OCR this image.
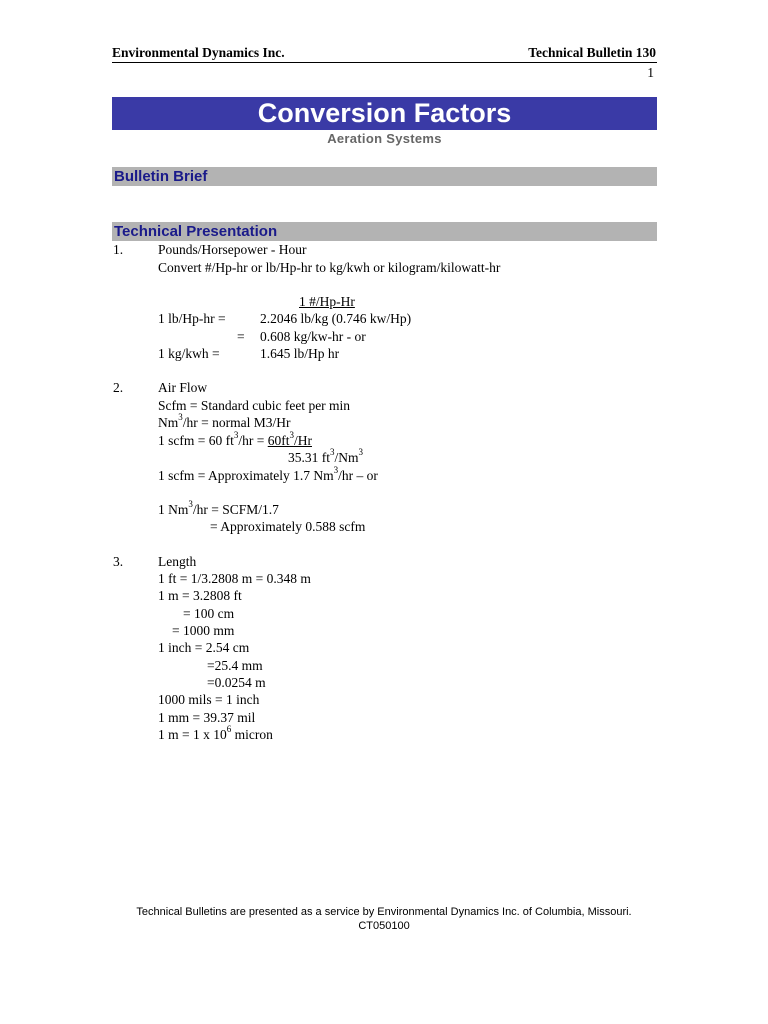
Environmental Dynamics Inc.	Technical Bulletin 130
1
Conversion Factors
Aeration Systems
Bulletin Brief
Technical Presentation
1.	Pounds/Horsepower - Hour
Convert #/Hp-hr or lb/Hp-hr to kg/kwh or kilogram/kilowatt-hr
1 #/Hp-Hr
1 lb/Hp-hr =	2.2046 lb/kg (0.746 kw/Hp)
= 0.608 kg/kw-hr - or
1 kg/kwh =	1.645 lb/Hp hr
2.	Air Flow
Scfm = Standard cubic feet per min
$Nm^3/hr$ = normal M3/Hr
1 scfm = 60 $ft^3/hr = 60ft^3/Hr$
35.31 $ft^3/Nm^3$
1 scfm = Approximately 1.7 Nm$^3$/hr – or
1 $Nm^3/hr$ = SCFM/1.7
= Approximately 0.588 scfm
3.	Length
1 ft = 1/3.2808 m = 0.348 m
1 m = 3.2808 ft
= 100 cm
= 1000 mm
1 inch = 2.54 cm
=25.4 mm
=0.0254 m
1000 mils = 1 inch
1 mm = 39.37 mil
1 m = 1 x $10^6$ micron
Technical Bulletins are presented as a service by Environmental Dynamics Inc. of Columbia, Missouri.
CT050100
